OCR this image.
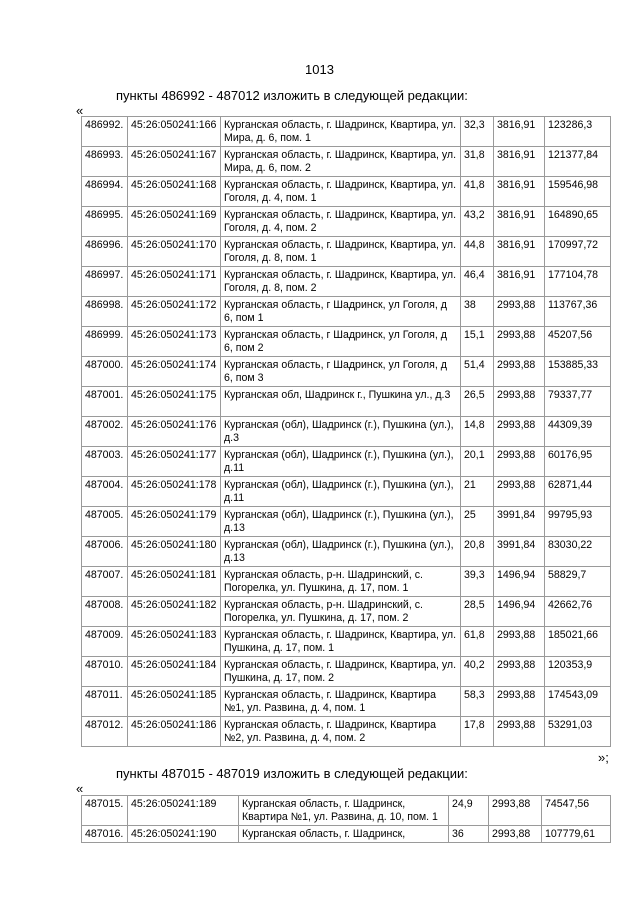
1013
пункты 486992 - 487012 изложить в следующей редакции:
«
486992.	45:26:050241:166	Курганская область, г. Шадринск, Квартира, ул. Мира, д. 6, пом. 1	32,3	3816,91	123286,3
486993.	45:26:050241:167	Курганская область, г. Шадринск, Квартира, ул. Мира, д. 6, пом. 2	31,8	3816,91	121377,84
486994.	45:26:050241:168	Курганская область, г. Шадринск, Квартира, ул. Гоголя, д. 4, пом. 1	41,8	3816,91	159546,98
486995.	45:26:050241:169	Курганская область, г. Шадринск, Квартира, ул. Гоголя, д. 4, пом. 2	43,2	3816,91	164890,65
486996.	45:26:050241:170	Курганская область, г. Шадринск, Квартира, ул. Гоголя, д. 8, пом. 1	44,8	3816,91	170997,72
486997.	45:26:050241:171	Курганская область, г. Шадринск, Квартира, ул. Гоголя, д. 8, пом. 2	46,4	3816,91	177104,78
486998.	45:26:050241:172	Курганская область, г Шадринск, ул Гоголя, д 6, пом 1	38	2993,88	113767,36
486999.	45:26:050241:173	Курганская область, г Шадринск, ул Гоголя, д 6, пом 2	15,1	2993,88	45207,56
487000.	45:26:050241:174	Курганская область, г Шадринск, ул Гоголя, д 6, пом 3	51,4	2993,88	153885,33
487001.	45:26:050241:175	Курганская обл, Шадринск г., Пушкина ул., д.3	26,5	2993,88	79337,77
487002.	45:26:050241:176	Курганская (обл), Шадринск (г.), Пушкина (ул.), д.3	14,8	2993,88	44309,39
487003.	45:26:050241:177	Курганская (обл), Шадринск (г.), Пушкина (ул.), д.11	20,1	2993,88	60176,95
487004.	45:26:050241:178	Курганская (обл), Шадринск (г.), Пушкина (ул.), д.11	21	2993,88	62871,44
487005.	45:26:050241:179	Курганская (обл), Шадринск (г.), Пушкина (ул.), д.13	25	3991,84	99795,93
487006.	45:26:050241:180	Курганская (обл), Шадринск (г.), Пушкина (ул.), д.13	20,8	3991,84	83030,22
487007.	45:26:050241:181	Курганская область, р-н. Шадринский, с. Погорелка, ул. Пушкина, д. 17, пом. 1	39,3	1496,94	58829,7
487008.	45:26:050241:182	Курганская область, р-н. Шадринский, с. Погорелка, ул. Пушкина, д. 17, пом. 2	28,5	1496,94	42662,76
487009.	45:26:050241:183	Курганская область, г. Шадринск, Квартира, ул. Пушкина, д. 17, пом. 1	61,8	2993,88	185021,66
487010.	45:26:050241:184	Курганская область, г. Шадринск, Квартира, ул. Пушкина, д. 17, пом. 2	40,2	2993,88	120353,9
487011.	45:26:050241:185	Курганская область, г. Шадринск, Квартира №1, ул. Развина, д. 4, пом. 1	58,3	2993,88	174543,09
487012.	45:26:050241:186	Курганская область, г. Шадринск, Квартира №2, ул. Развина, д. 4, пом. 2	17,8	2993,88	53291,03
»;
пункты 487015 - 487019 изложить в следующей редакции:
«
487015.	45:26:050241:189	Курганская область, г. Шадринск, Квартира №1, ул. Развина, д. 10, пом. 1	24,9	2993,88	74547,56
487016.	45:26:050241:190	Курганская область, г. Шадринск,	36	2993,88	107779,61
